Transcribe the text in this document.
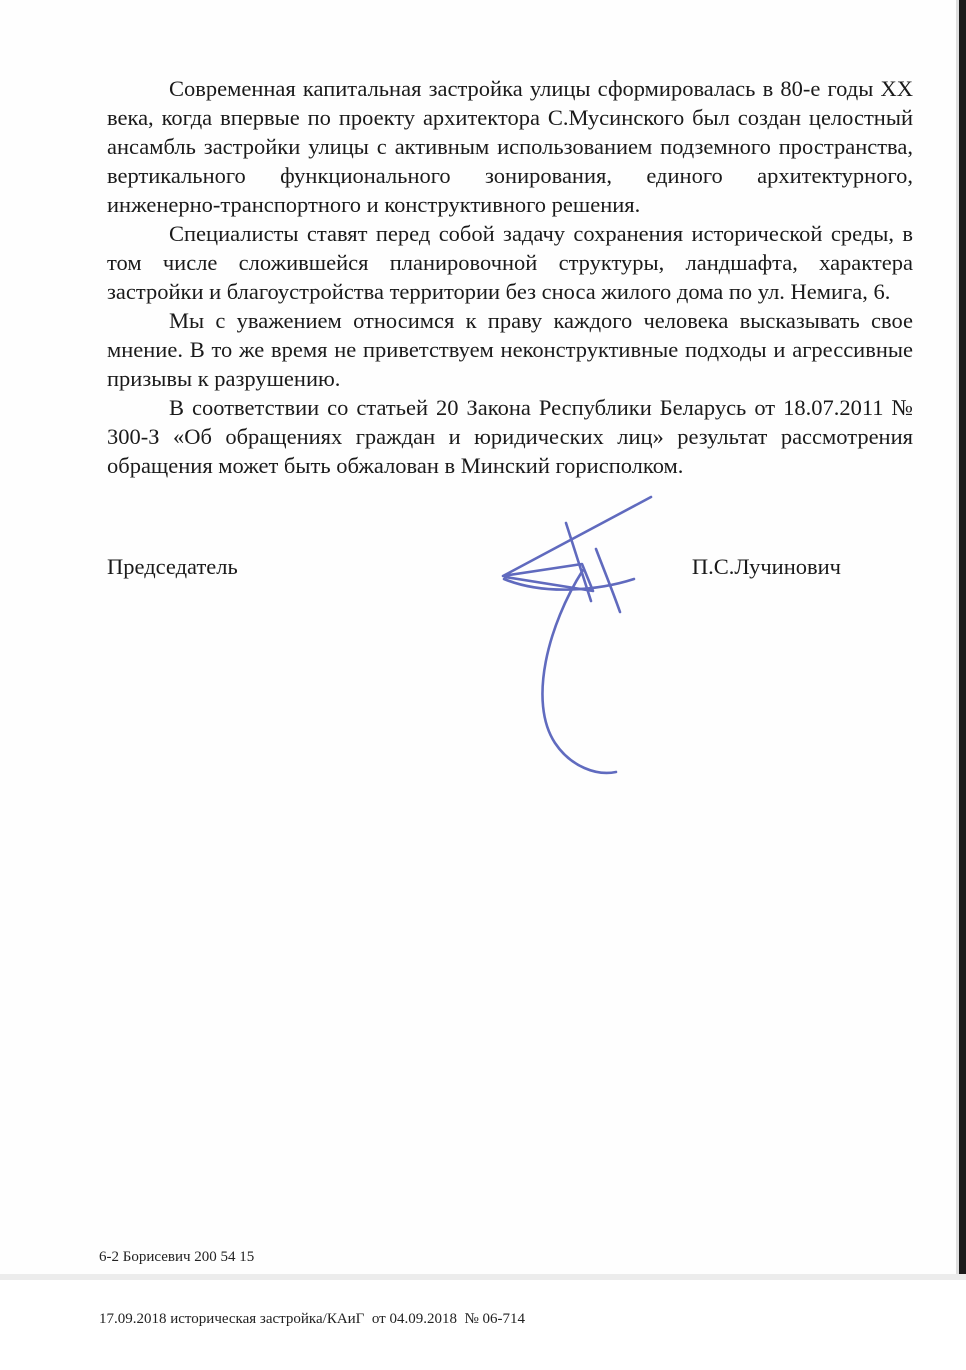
Современная капитальная застройка улицы сформировалась в 80-е годы XX века, когда впервые по проекту архитектора С.Мусинского был создан целостный ансамбль застройки улицы с активным использованием подземного пространства, вертикального функционального зонирования, единого архитектурного, инженерно-транспортного и конструктивного решения.

Специалисты ставят перед собой задачу сохранения исторической среды, в том числе сложившейся планировочной структуры, ландшафта, характера застройки и благоустройства территории без сноса жилого дома по ул. Немига, 6.

Мы с уважением относимся к праву каждого человека высказывать свое мнение. В то же время не приветствуем неконструктивные подходы и агрессивные призывы к разрушению.

В соответствии со статьей 20 Закона Республики Беларусь от 18.07.2011 № 300-З «Об обращениях граждан и юридических лиц» результат рассмотрения обращения может быть обжалован в Минский горисполком.

Председатель	П.С.Лучинович

6-2 Борисевич 200 54 15

17.09.2018 историческая застройка/КАиГ  от 04.09.2018  № 06-714
